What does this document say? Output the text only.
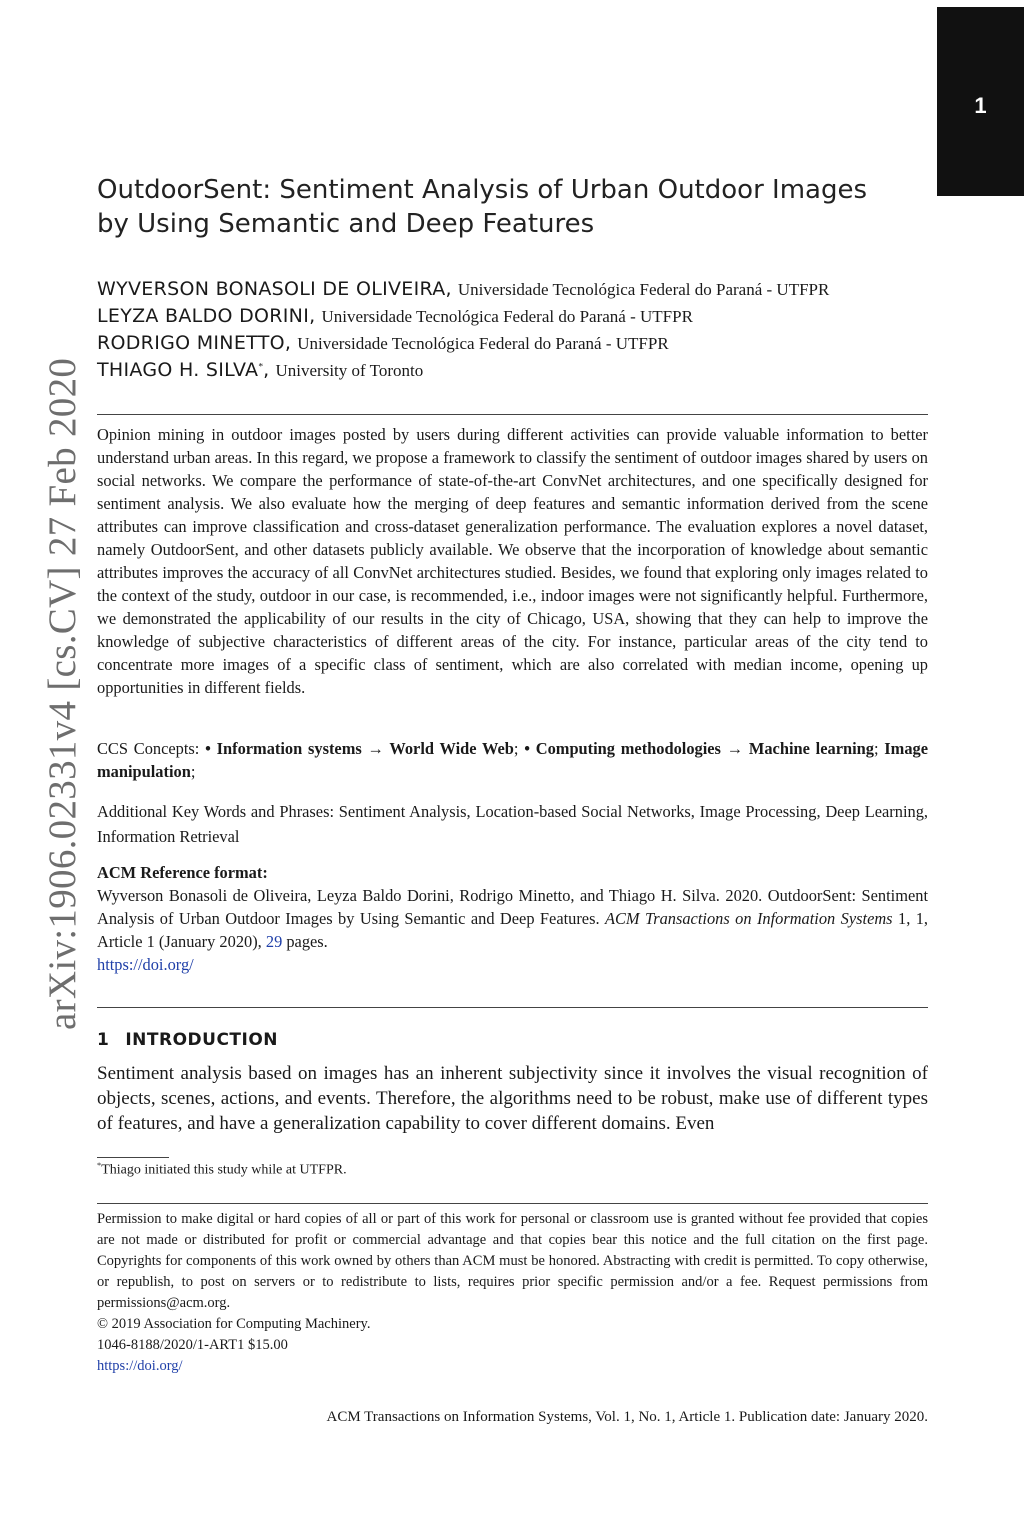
1
arXiv:1906.02331v4 [cs.CV] 27 Feb 2020
OutdoorSent: Sentiment Analysis of Urban Outdoor Images by Using Semantic and Deep Features
WYVERSON BONASOLI DE OLIVEIRA, Universidade Tecnológica Federal do Paraná - UTFPR
LEYZA BALDO DORINI, Universidade Tecnológica Federal do Paraná - UTFPR
RODRIGO MINETTO, Universidade Tecnológica Federal do Paraná - UTFPR
THIAGO H. SILVA*, University of Toronto
Opinion mining in outdoor images posted by users during different activities can provide valuable information to better understand urban areas. In this regard, we propose a framework to classify the sentiment of outdoor images shared by users on social networks. We compare the performance of state-of-the-art ConvNet architectures, and one specifically designed for sentiment analysis. We also evaluate how the merging of deep features and semantic information derived from the scene attributes can improve classification and cross-dataset generalization performance. The evaluation explores a novel dataset, namely OutdoorSent, and other datasets publicly available. We observe that the incorporation of knowledge about semantic attributes improves the accuracy of all ConvNet architectures studied. Besides, we found that exploring only images related to the context of the study, outdoor in our case, is recommended, i.e., indoor images were not significantly helpful. Furthermore, we demonstrated the applicability of our results in the city of Chicago, USA, showing that they can help to improve the knowledge of subjective characteristics of different areas of the city. For instance, particular areas of the city tend to concentrate more images of a specific class of sentiment, which are also correlated with median income, opening up opportunities in different fields.
CCS Concepts: • Information systems → World Wide Web; • Computing methodologies → Machine learning; Image manipulation;
Additional Key Words and Phrases: Sentiment Analysis, Location-based Social Networks, Image Processing, Deep Learning, Information Retrieval
ACM Reference format:
Wyverson Bonasoli de Oliveira, Leyza Baldo Dorini, Rodrigo Minetto, and Thiago H. Silva. 2020. OutdoorSent: Sentiment Analysis of Urban Outdoor Images by Using Semantic and Deep Features. ACM Transactions on Information Systems 1, 1, Article 1 (January 2020), 29 pages.
https://doi.org/
1 INTRODUCTION
Sentiment analysis based on images has an inherent subjectivity since it involves the visual recognition of objects, scenes, actions, and events. Therefore, the algorithms need to be robust, make use of different types of features, and have a generalization capability to cover different domains. Even
*Thiago initiated this study while at UTFPR.
Permission to make digital or hard copies of all or part of this work for personal or classroom use is granted without fee provided that copies are not made or distributed for profit or commercial advantage and that copies bear this notice and the full citation on the first page. Copyrights for components of this work owned by others than ACM must be honored. Abstracting with credit is permitted. To copy otherwise, or republish, to post on servers or to redistribute to lists, requires prior specific permission and/or a fee. Request permissions from permissions@acm.org.
© 2019 Association for Computing Machinery.
1046-8188/2020/1-ART1 $15.00
https://doi.org/
ACM Transactions on Information Systems, Vol. 1, No. 1, Article 1. Publication date: January 2020.
